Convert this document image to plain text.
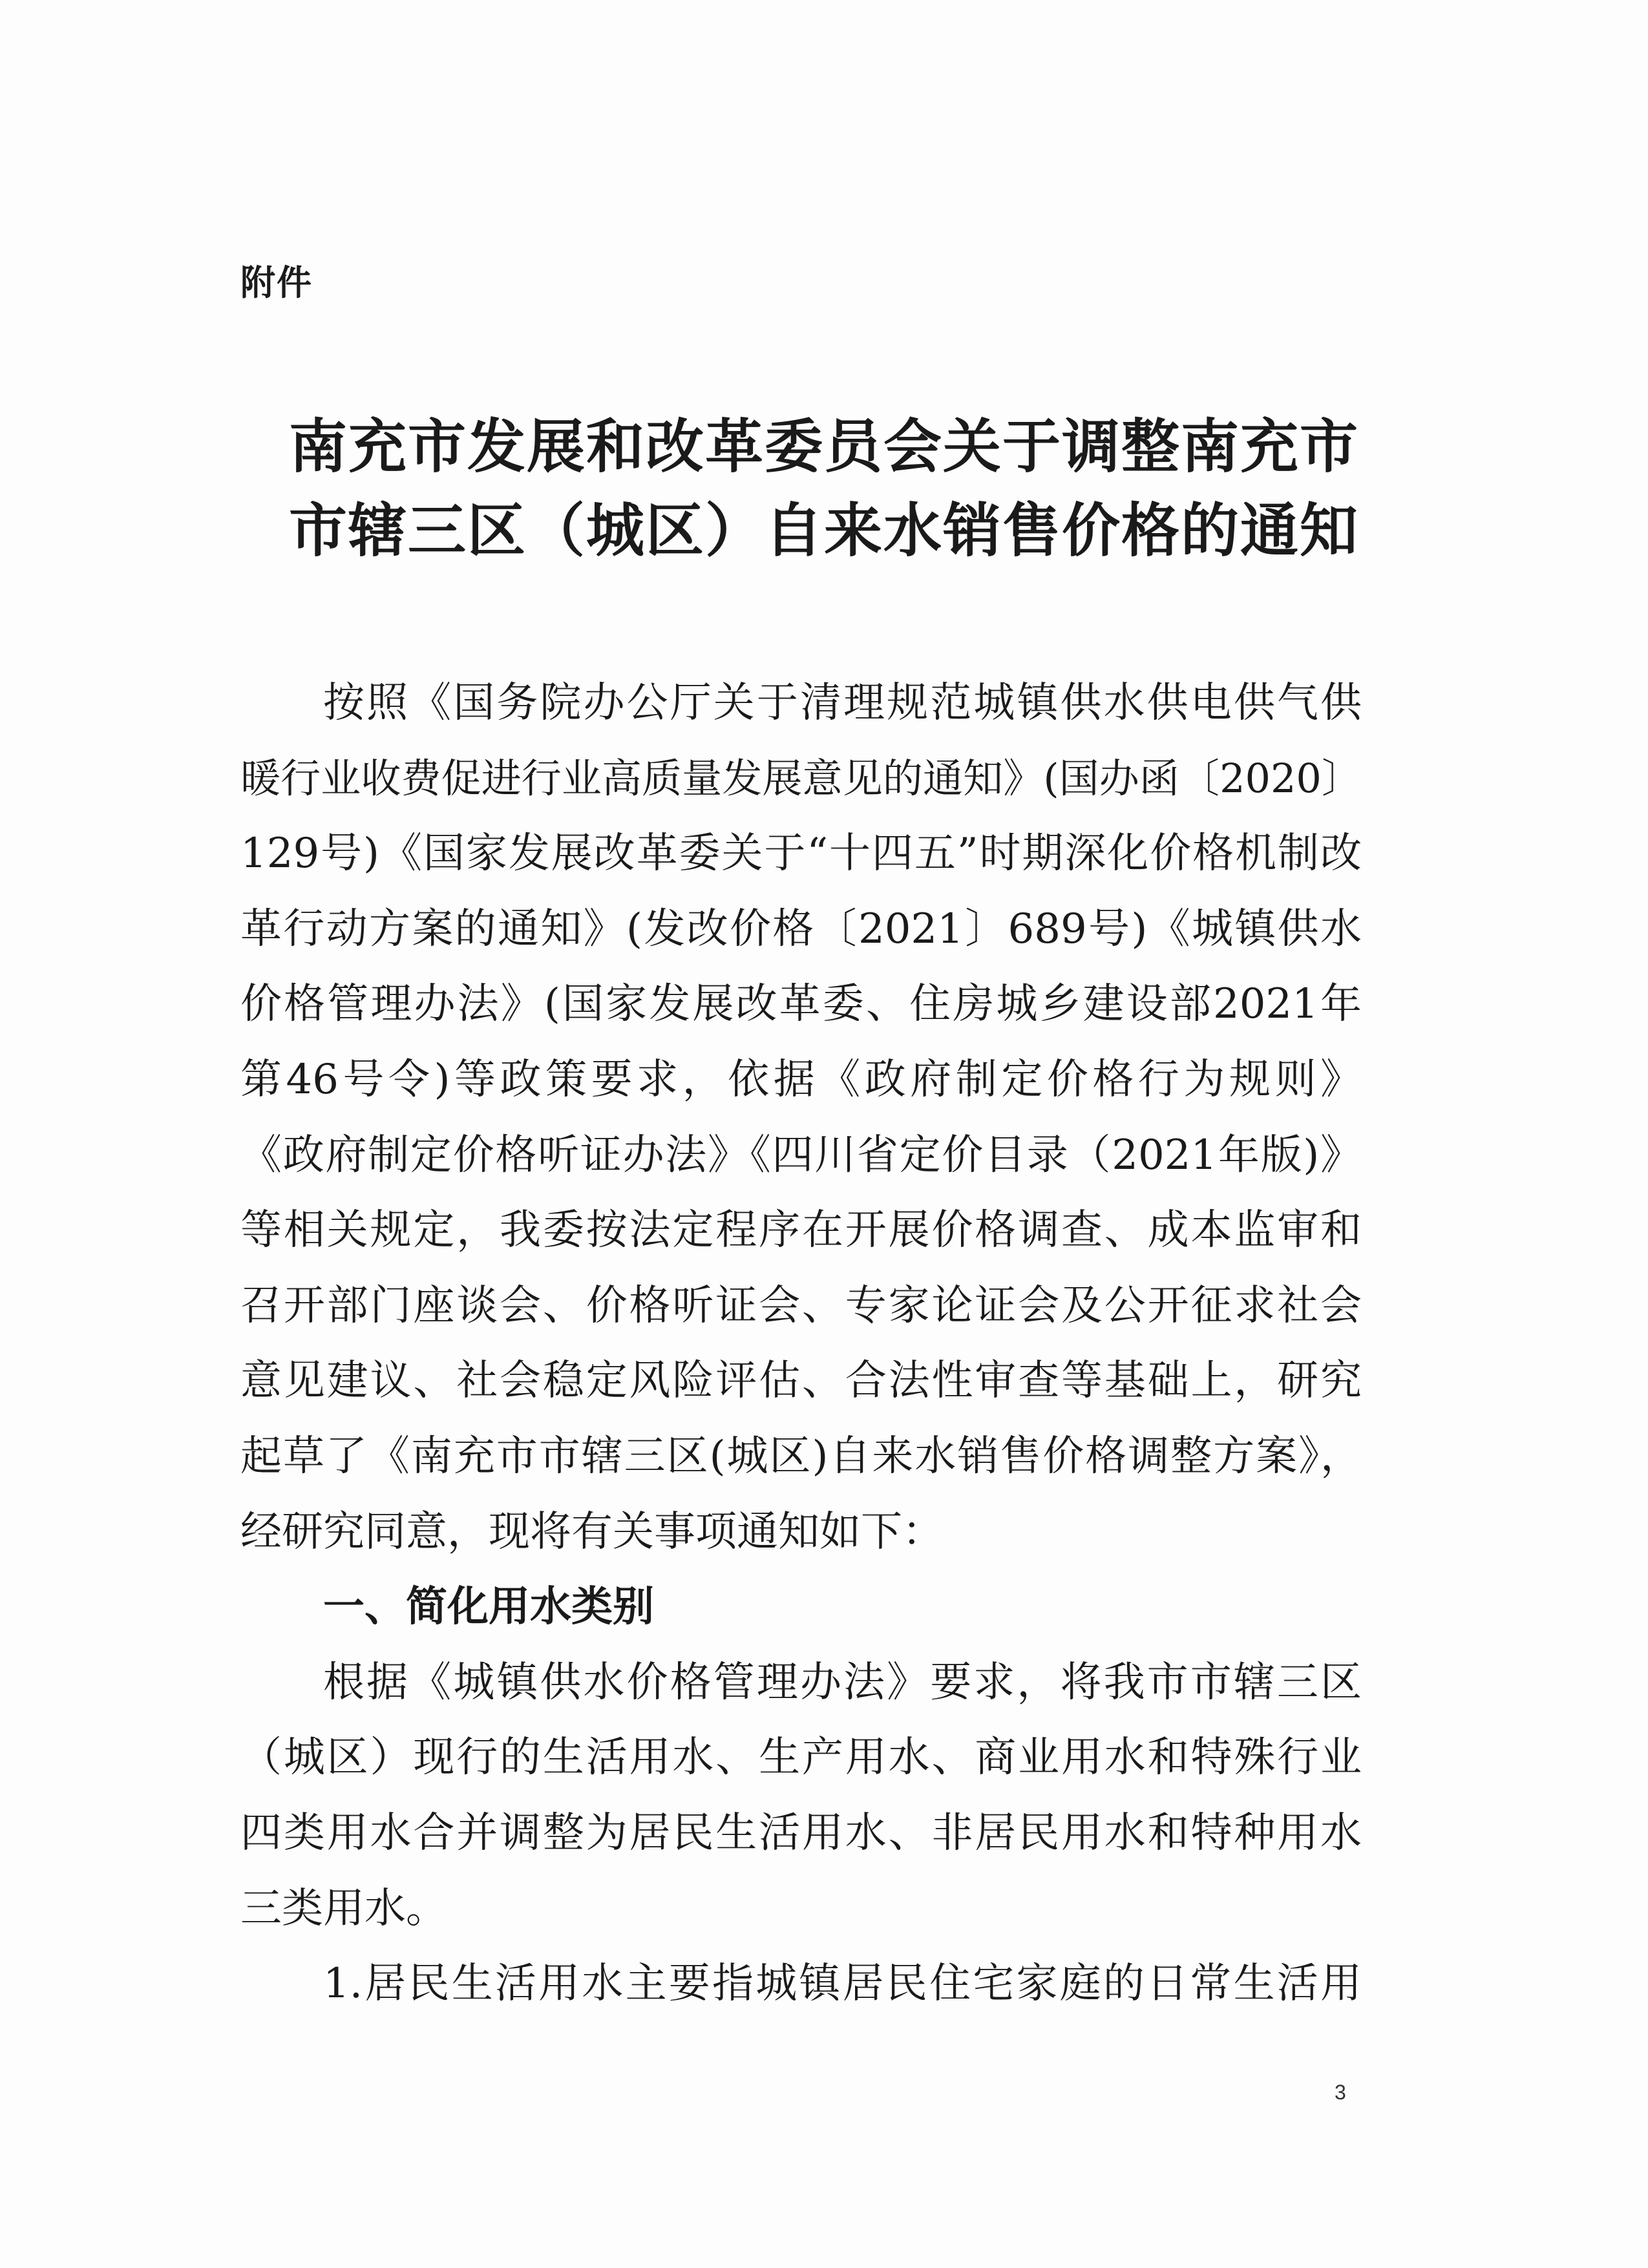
附件
南充市发展和改革委员会关于调整南充市
市辖三区（城区）自来水销售价格的通知
按照《国务院办公厅关于清理规范城镇供水供电供气供
暖行业收费促进行业高质量发展意见的通知》(国办函〔2020〕
129号)《国家发展改革委关于“十四五”时期深化价格机制改
革行动方案的通知》(发改价格〔2021〕689号)《城镇供水
价格管理办法》(国家发展改革委、住房城乡建设部2021年
第46号令)等政策要求，依据《政府制定价格行为规则》
《政府制定价格听证办法》《四川省定价目录（2021年版)》
等相关规定，我委按法定程序在开展价格调查、成本监审和
召开部门座谈会、价格听证会、专家论证会及公开征求社会
意见建议、社会稳定风险评估、合法性审查等基础上，研究
起草了《南充市市辖三区(城区)自来水销售价格调整方案》，
经研究同意，现将有关事项通知如下：
一、简化用水类别
根据《城镇供水价格管理办法》要求，将我市市辖三区
（城区）现行的生活用水、生产用水、商业用水和特殊行业
四类用水合并调整为居民生活用水、非居民用水和特种用水
三类用水。
1.居民生活用水主要指城镇居民住宅家庭的日常生活用
3
